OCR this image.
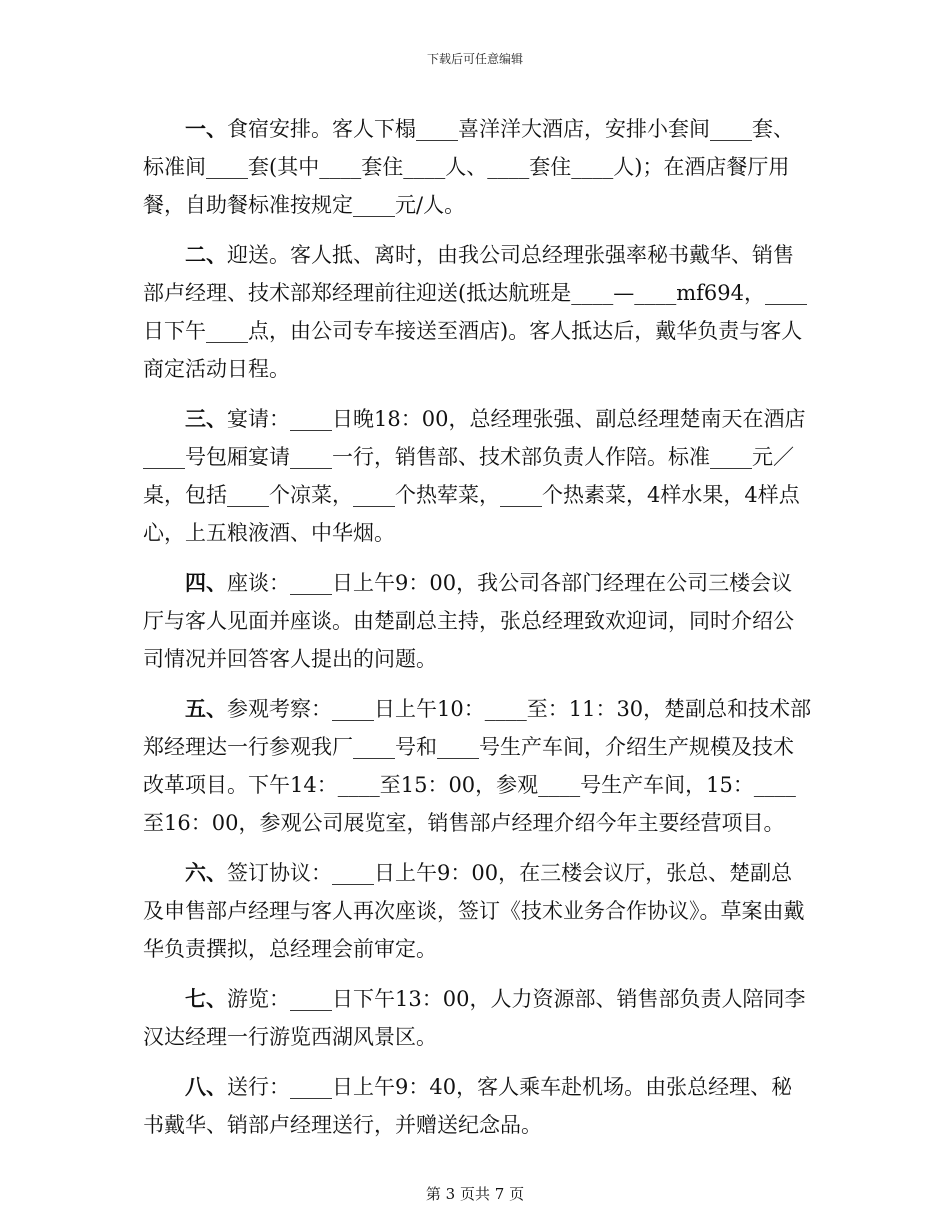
下载后可任意编辑

一、食宿安排。客人下榻____喜洋洋大酒店，安排小套间____套、标准间____套(其中____套住____人、____套住____人)；在酒店餐厅用餐，自助餐标准按规定____元/人。

二、迎送。客人抵、离时，由我公司总经理张强率秘书戴华、销售部卢经理、技术部郑经理前往迎送(抵达航班是____—____mf694，____日下午____点，由公司专车接送至酒店)。客人抵达后，戴华负责与客人商定活动日程。

三、宴请：____日晚18：00，总经理张强、副总经理楚南天在酒店____号包厢宴请____一行，销售部、技术部负责人作陪。标准____元／桌，包括____个凉菜，____个热荤菜，____个热素菜，4样水果，4样点心，上五粮液酒、中华烟。

四、座谈：____日上午9：00，我公司各部门经理在公司三楼会议厅与客人见面并座谈。由楚副总主持，张总经理致欢迎词，同时介绍公司情况并回答客人提出的问题。

五、参观考察：____日上午10：____至：11：30，楚副总和技术部郑经理达一行参观我厂____号和____号生产车间，介绍生产规模及技术改革项目。下午14：____至15：00，参观____号生产车间，15：____至16：00，参观公司展览室，销售部卢经理介绍今年主要经营项目。

六、签订协议：____日上午9：00，在三楼会议厅，张总、楚副总及申售部卢经理与客人再次座谈，签订《技术业务合作协议》。草案由戴华负责撰拟，总经理会前审定。

七、游览：____日下午13：00，人力资源部、销售部负责人陪同李汉达经理一行游览西湖风景区。

八、送行：____日上午9：40，客人乘车赴机场。由张总经理、秘书戴华、销部卢经理送行，并赠送纪念品。

第 3 页共 7 页
